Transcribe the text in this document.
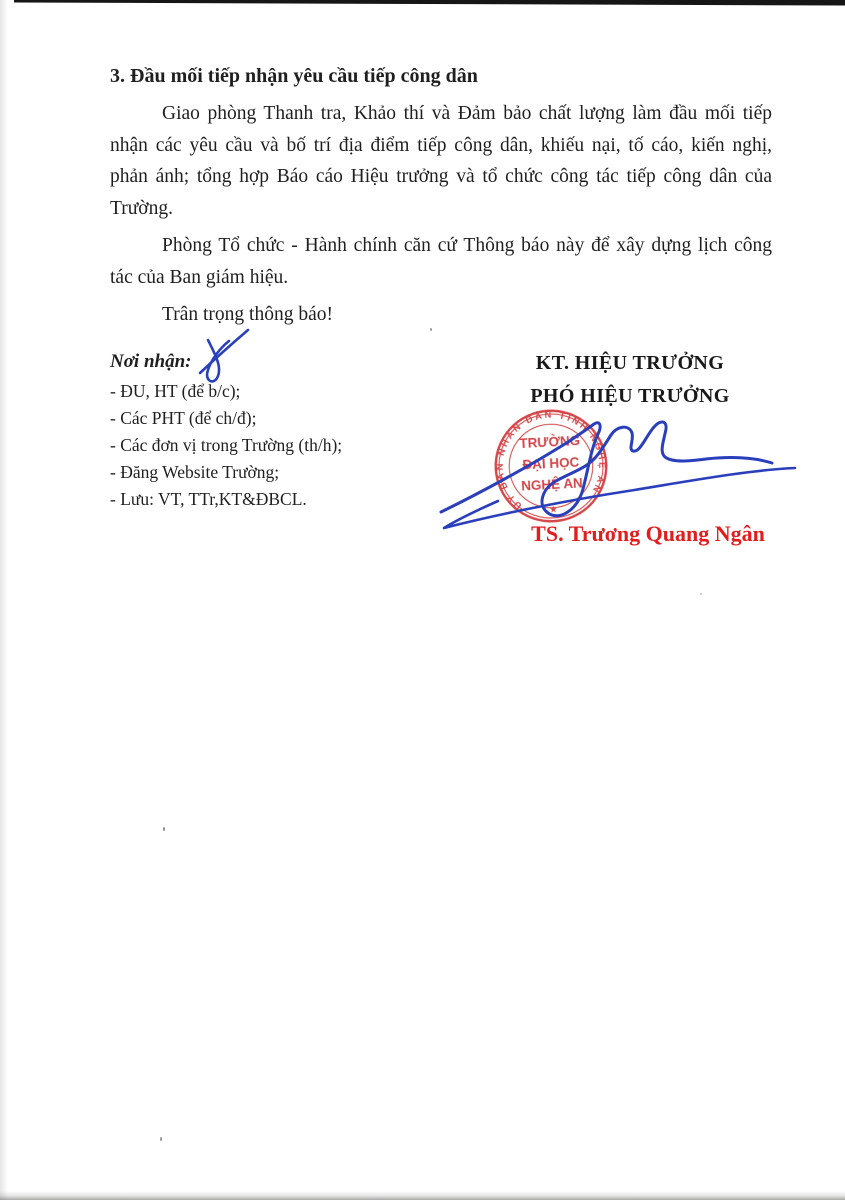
3. Đầu mối tiếp nhận yêu cầu tiếp công dân
Giao phòng Thanh tra, Khảo thí và Đảm bảo chất lượng làm đầu mối tiếp
nhận các yêu cầu và bố trí địa điểm tiếp công dân, khiếu nại, tố cáo, kiến nghị,
phản ánh; tổng hợp Báo cáo Hiệu trưởng và tổ chức công tác tiếp công dân của
Trường.
Phòng Tổ chức - Hành chính căn cứ Thông báo này để xây dựng lịch công
tác của Ban giám hiệu.
Trân trọng thông báo!

Nơi nhận:

- ĐU, HT (để b/c);
- Các PHT (để ch/đ);
- Các đơn vị trong Trường (th/h);
- Đăng Website Trường;
- Lưu: VT, TTr,KT&ĐBCL.
KT. HIỆU TRƯỞNG
PHÓ HIỆU TRƯỞNG
ỦY BAN NHÂN DÂN TỈNH NGHỆ AN
TRƯỜNG
ĐẠI HỌC
NGHỆ AN
★
TS. Trương Quang Ngân
